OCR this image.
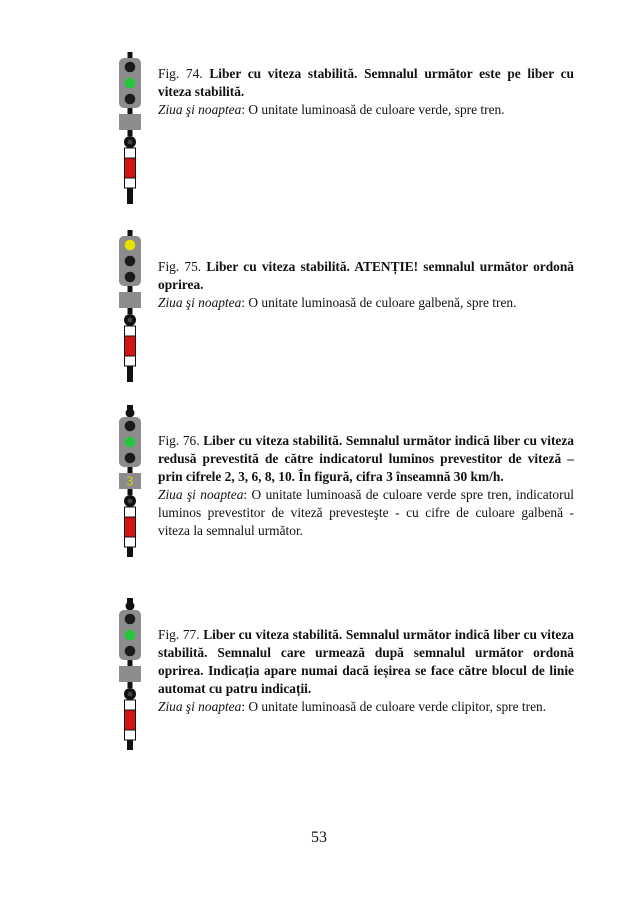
Fig. 74. Liber cu viteza stabilită. Semnalul următor este pe liber cu viteza stabilită.

Ziua şi noaptea: O unitate luminoasă de culoare verde, spre tren.

Fig. 75. Liber cu viteza stabilită. ATENȚIE! semnalul următor ordonă oprirea.

Ziua şi noaptea: O unitate luminoasă de culoare galbenă, spre tren.

3

Fig. 76. Liber cu viteza stabilită. Semnalul următor indică liber cu viteza redusă prevestită de către indicatorul luminos prevestitor de viteză – prin cifrele 2, 3, 6, 8, 10. În figură, cifra 3 înseamnă 30 km/h.

Ziua şi noaptea: O unitate luminoasă de culoare verde spre tren, indicatorul luminos prevestitor de viteză prevesteşte - cu cifre de culoare galbenă - viteza la semnalul următor.

Fig. 77. Liber cu viteza stabilită. Semnalul următor indică liber cu viteza stabilită. Semnalul care urmează după semnalul următor ordonă oprirea. Indicația apare numai dacă ieșirea se face către blocul de linie automat cu patru indicații.

Ziua şi noaptea: O unitate luminoasă de culoare verde clipitor, spre tren.

53
